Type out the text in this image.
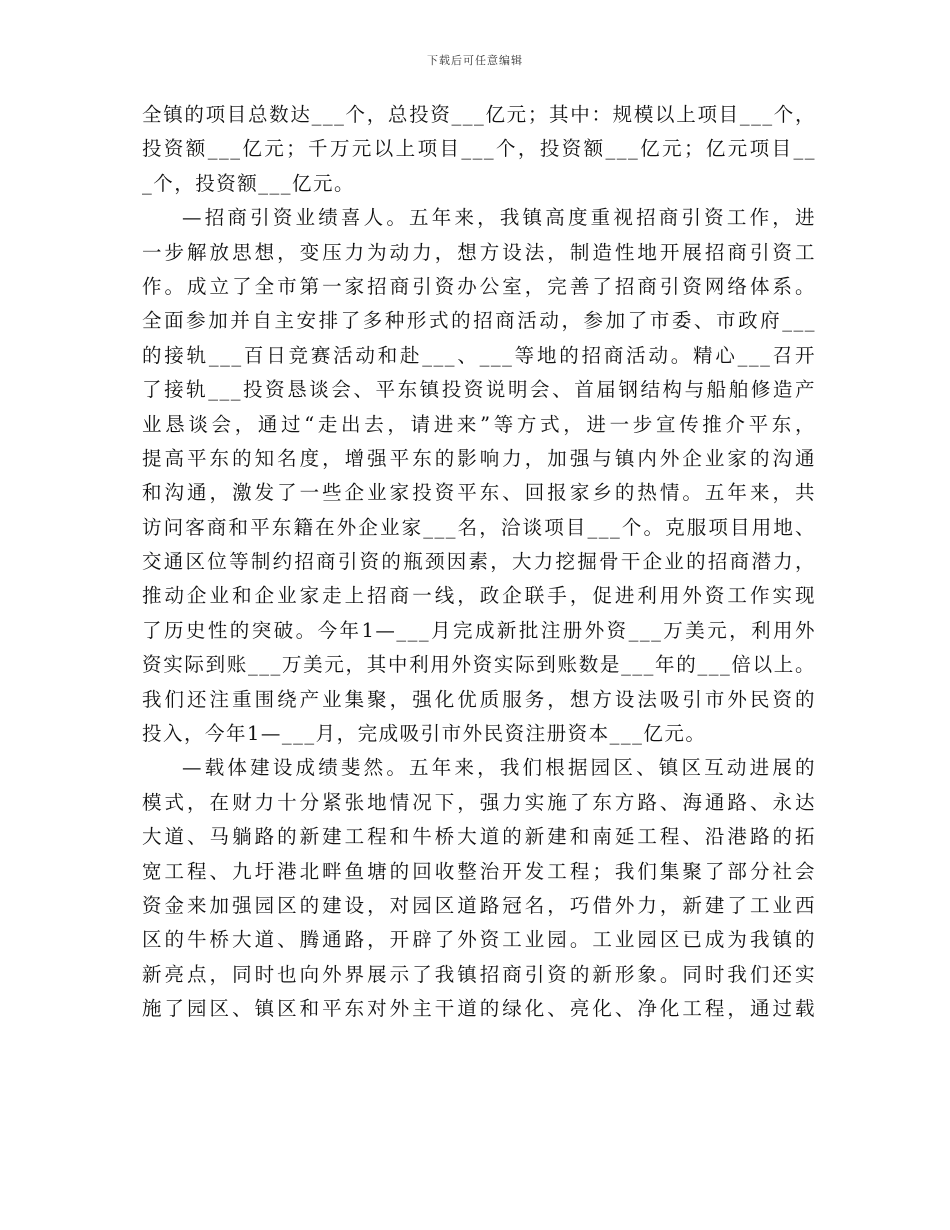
下载后可任意编辑
全镇的项目总数达___个，总投资___亿元；其中：规模以上项目___个，
投资额___亿元；千万元以上项目___个，投资额___亿元；亿元项目__
_个，投资额___亿元。
—招商引资业绩喜人。五年来，我镇高度重视招商引资工作，进
一步解放思想，变压力为动力，想方设法，制造性地开展招商引资工
作。成立了全市第一家招商引资办公室，完善了招商引资网络体系。
全面参加并自主安排了多种形式的招商活动，参加了市委、市政府___
的接轨___百日竞赛活动和赴___、___等地的招商活动。精心___召开
了接轨___投资恳谈会、平东镇投资说明会、首届钢结构与船舶修造产
业恳谈会，通过“走出去，请进来”等方式，进一步宣传推介平东，
提高平东的知名度，增强平东的影响力，加强与镇内外企业家的沟通
和沟通，激发了一些企业家投资平东、回报家乡的热情。五年来，共
访问客商和平东籍在外企业家___名，洽谈项目___个。克服项目用地、
交通区位等制约招商引资的瓶颈因素，大力挖掘骨干企业的招商潜力，
推动企业和企业家走上招商一线，政企联手，促进利用外资工作实现
了历史性的突破。今年1—___月完成新批注册外资___万美元，利用外
资实际到账___万美元，其中利用外资实际到账数是___年的___倍以上。
我们还注重围绕产业集聚，强化优质服务，想方设法吸引市外民资的
投入，今年1—___月，完成吸引市外民资注册资本___亿元。
—载体建设成绩斐然。五年来，我们根据园区、镇区互动进展的
模式，在财力十分紧张地情况下，强力实施了东方路、海通路、永达
大道、马躺路的新建工程和牛桥大道的新建和南延工程、沿港路的拓
宽工程、九圩港北畔鱼塘的回收整治开发工程；我们集聚了部分社会
资金来加强园区的建设，对园区道路冠名，巧借外力，新建了工业西
区的牛桥大道、腾通路，开辟了外资工业园。工业园区已成为我镇的
新亮点，同时也向外界展示了我镇招商引资的新形象。同时我们还实
施了园区、镇区和平东对外主干道的绿化、亮化、净化工程，通过载
